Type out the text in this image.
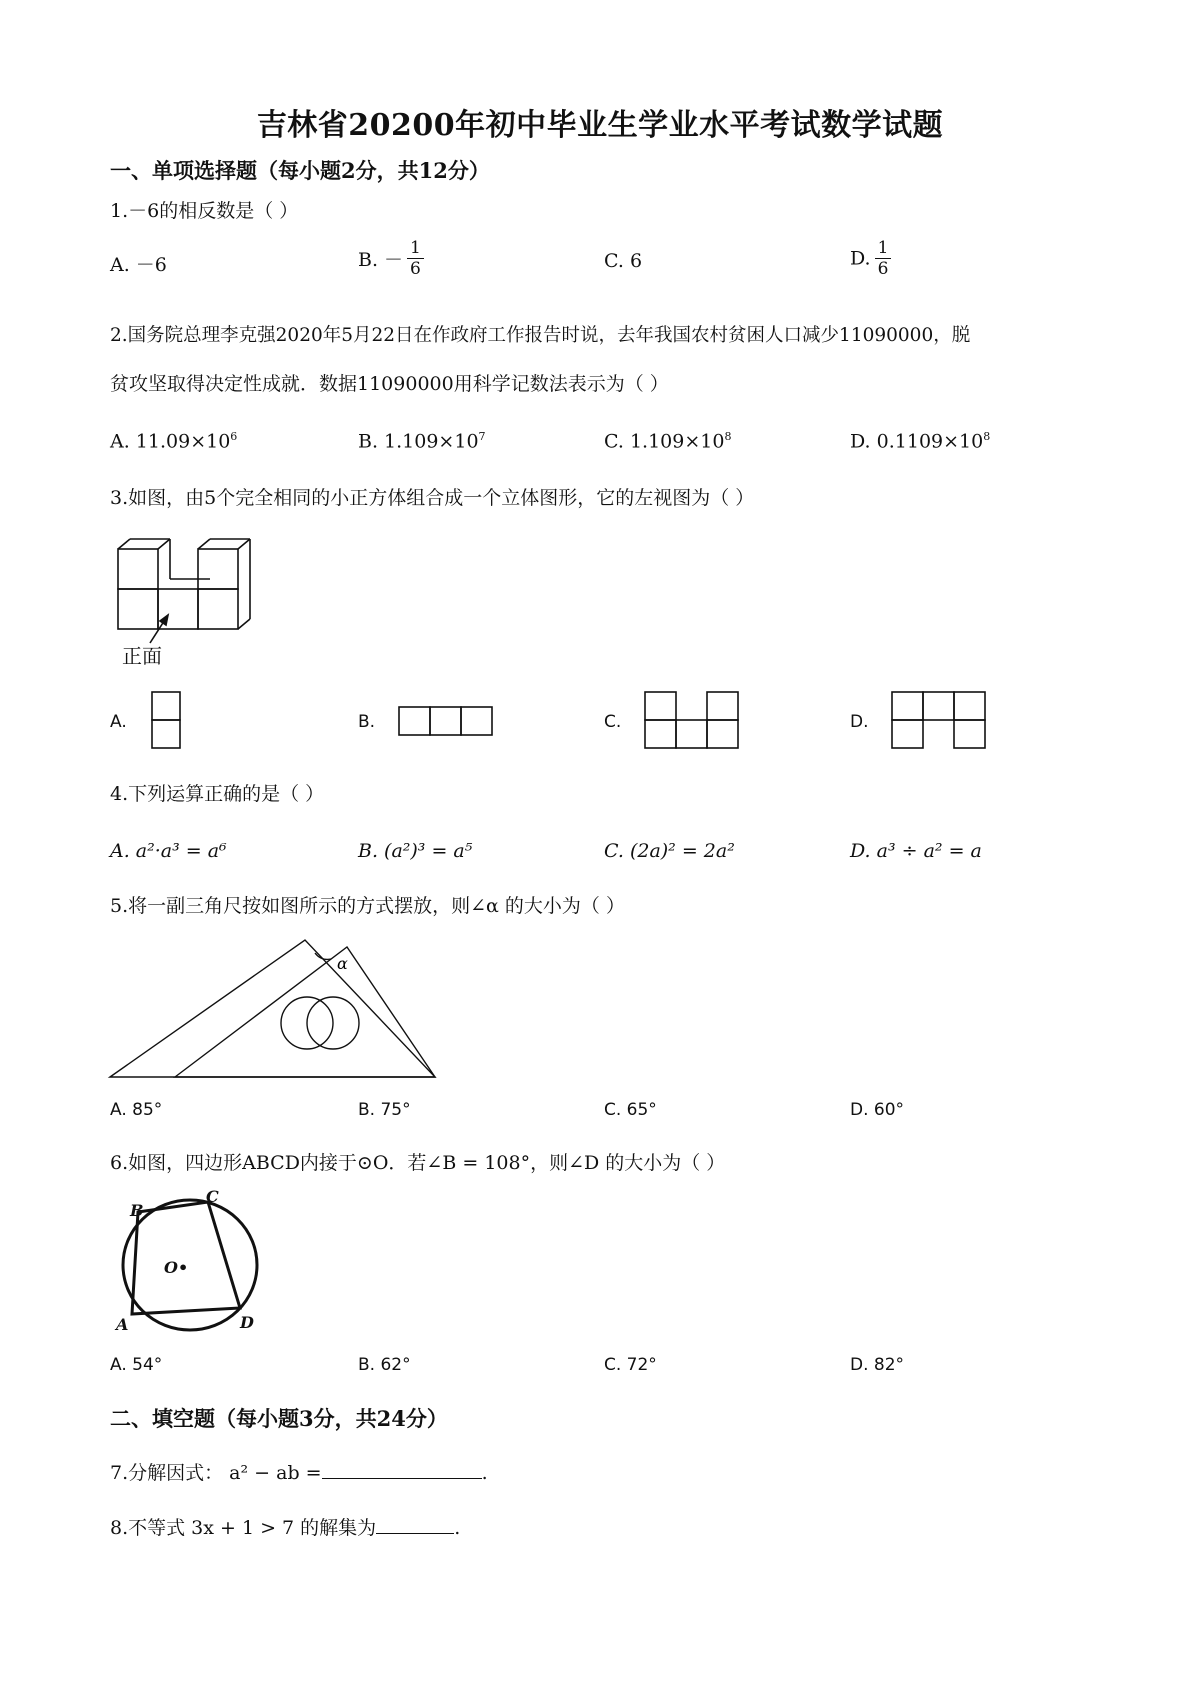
吉林省20200年初中毕业生学业水平考试数学试题
一、单项选择题（每小题2分，共12分）
1.－6的相反数是（ ）
A. －6	B. － $\frac{1}{6}$	C. 6	D. $\frac{1}{6}$
2.国务院总理李克强2020年5月22日在作政府工作报告时说，去年我国农村贫困人口减少11090000，脱
贫攻坚取得决定性成就．数据11090000用科学记数法表示为（ ）
A. $11.09\times 10^6$	B. $1.109\times 10^7$	C. $1.109\times 10^8$	D. $0.1109\times 10^8$
3.如图，由5个完全相同的小正方体组合成一个立体图形，它的左视图为（ ）
正面
A.	B.	C.	D.
4.下列运算正确的是（ ）
A. a²·a³ = a⁶	B. (a²)³ = a⁵	C. (2a)² = 2a²	D. a³ ÷ a² = a
5.将一副三角尺按如图所示的方式摆放，则∠α 的大小为（ ）
α
A. 85°	B. 75°	C. 65°	D. 60°
6.如图，四边形ABCD内接于⊙O．若∠B = 108°，则∠D 的大小为（ ）
B
C
O•
A	D
A. 54°	B. 62°	C. 72°	D. 82°
二、填空题（每小题3分，共24分）
7.分解因式： a² − ab =	.
8.不等式 3x + 1 > 7 的解集为	.
